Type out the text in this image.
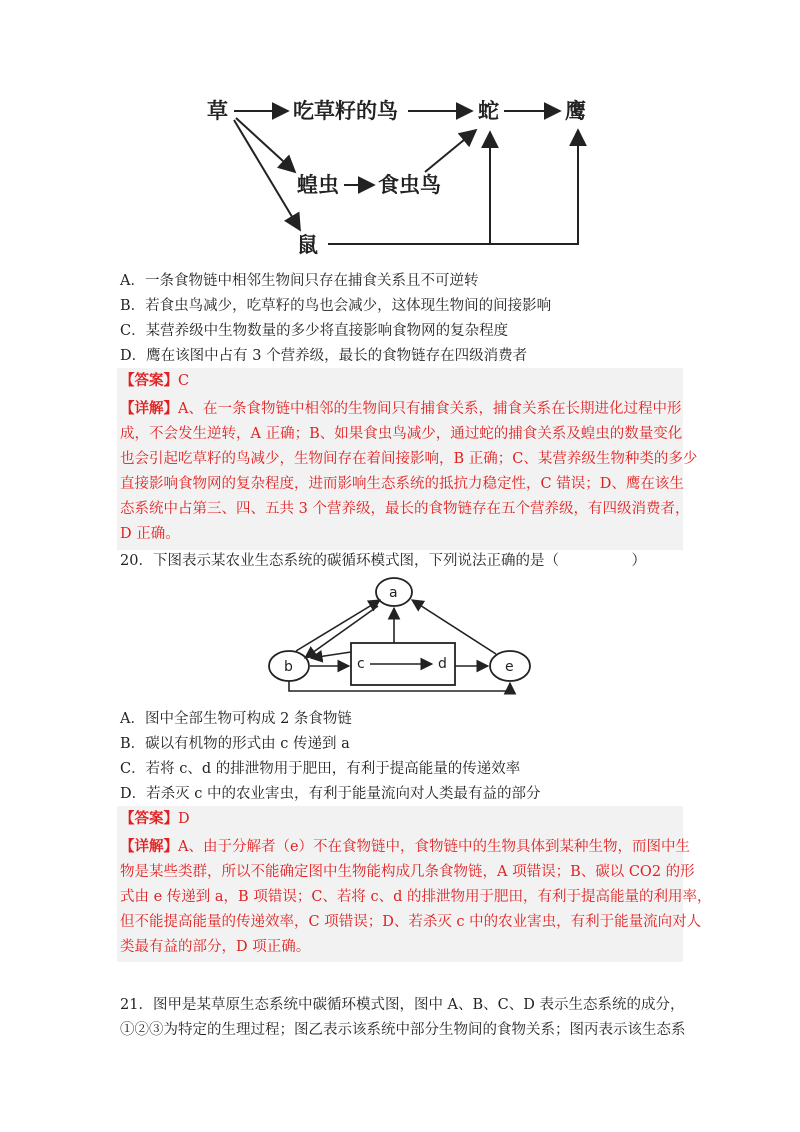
草	吃草籽的鸟	蛇	鹰
蝗虫 食虫鸟
鼠
A．一条食物链中相邻生物间只存在捕食关系且不可逆转
B．若食虫鸟减少，吃草籽的鸟也会减少，这体现生物间的间接影响
C．某营养级中生物数量的多少将直接影响食物网的复杂程度
D．鹰在该图中占有 3 个营养级，最长的食物链存在四级消费者
【答案】C
【详解】A、在一条食物链中相邻的生物间只有捕食关系，捕食关系在长期进化过程中形
成，不会发生逆转，A 正确；B、如果食虫鸟减少，通过蛇的捕食关系及蝗虫的数量变化
也会引起吃草籽的鸟减少，生物间存在着间接影响，B 正确；C、某营养级生物种类的多少
直接影响食物网的复杂程度，进而影响生态系统的抵抗力稳定性，C 错误；D、鹰在该生
态系统中占第三、四、五共 3 个营养级，最长的食物链存在五个营养级，有四级消费者，
D 正确。
20．下图表示某农业生态系统的碳循环模式图，下列说法正确的是（　　　　　）
a
b	e
c	d
A．图中全部生物可构成 2 条食物链
B．碳以有机物的形式由 c 传递到 a
C．若将 c、d 的排泄物用于肥田，有利于提高能量的传递效率
D．若杀灭 c 中的农业害虫，有利于能量流向对人类最有益的部分
【答案】D
【详解】A、由于分解者（e）不在食物链中，食物链中的生物具体到某种生物，而图中生
物是某些类群，所以不能确定图中生物能构成几条食物链，A 项错误；B、碳以 CO2 的形
式由 e 传递到 a，B 项错误；C、若将 c、d 的排泄物用于肥田，有利于提高能量的利用率，
但不能提高能量的传递效率，C 项错误；D、若杀灭 c 中的农业害虫，有利于能量流向对人
类最有益的部分，D 项正确。
21．图甲是某草原生态系统中碳循环模式图，图中 A、B、C、D 表示生态系统的成分，
①②③为特定的生理过程；图乙表示该系统中部分生物间的食物关系；图丙表示该生态系
